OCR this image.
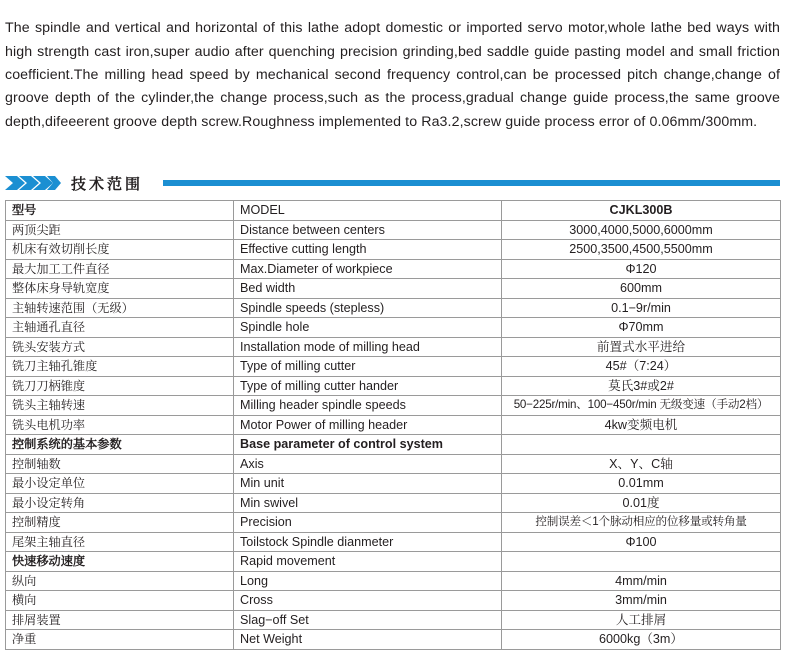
The spindle and vertical and horizontal of this lathe adopt domestic or imported servo motor,whole lathe bed ways with high strength cast iron,super audio after quenching precision grinding,bed saddle guide pasting model and small friction coefficient.The milling head speed by mechanical second frequency control,can be processed pitch change,change of groove depth of the cylinder,the change process,such as the process,gradual change guide process,the same groove depth,difeeerent groove depth screw.Roughness implemented to Ra3.2,screw guide process error of 0.06mm/300mm.

技术范围
型号	MODEL	CJKL300B
两顶尖距	Distance between centers	3000,4000,5000,6000mm
机床有效切削长度	Effective cutting length	2500,3500,4500,5500mm
最大加工工件直径	Max.Diameter of workpiece	Φ120
整体床身导轨宽度	Bed width	600mm
主轴转速范围（无级）	Spindle speeds (stepless)	0.1−9r/min
主轴通孔直径	Spindle hole	Φ70mm
铣头安装方式	Installation mode of milling head	前置式水平进给
铣刀主轴孔锥度	Type of milling cutter	45#（7:24）
铣刀刀柄锥度	Type of milling cutter hander	莫氏3#或2#
铣头主轴转速	Milling header spindle speeds	50−225r/min、100−450r/min 无级变速（手动2档）
铣头电机功率	Motor Power of milling header	4kw变频电机
控制系统的基本参数	Base parameter of control system	
控制轴数	Axis	X、Y、C轴
最小设定单位	Min unit	0.01mm
最小设定转角	Min swivel	0.01度
控制精度	Precision	控制误差＜1个脉动相应的位移量或转角量
尾架主轴直径	Toilstock Spindle dianmeter	Φ100
快速移动速度	Rapid movement	
纵向	Long	4mm/min
横向	Cross	3mm/min
排屑装置	Slag−off Set	人工排屑
净重	Net Weight	6000kg（3m）
